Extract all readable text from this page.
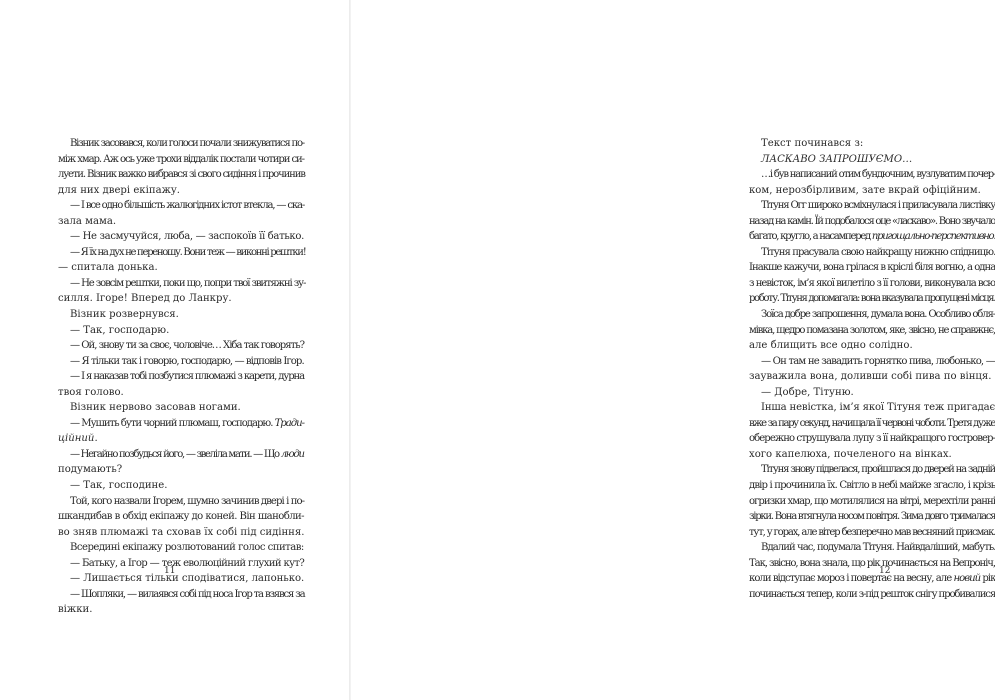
Візник засовався, коли голоси почали знижуватися по-
між хмар. Аж ось уже трохи віддалік постали чотири си-
луети. Візник важко вибрався зі свого сидіння і прочинив
для них двері екіпажу.
— І все одно більшість жалюгідних істот втекла, — ска-
зала мама.
— Не засмучуйся, люба, — заспокоїв її батько.
— Я їх на дух не переношу. Вони теж — виконні рештки!
— спитала донька.
— Не зовсім рештки, поки що, попри твої звитяжні зу-
силля. Ігоре! Вперед до Ланкру.
Візник розвернувся.
— Так, господарю.
— Ой, знову ти за своє, чоловіче… Хіба так говорять?
— Я тільки так і говорю, господарю, — відповів Ігор.
— І я наказав тобі позбутися плюмажі з карети, дурна
твоя голово.
Візник нервово засовав ногами.
— Мушить бути чорний плюмаш, господарю. Тради-
ційний.
— Негайно позбудься його, — звеліла мати. — Що люди
подумають?
— Так, господине.
Той, кого назвали Ігорем, шумно зачинив двері і по-
шкандибав в обхід екіпажу до коней. Він шанобли-
во зняв плюмажі та сховав їх собі під сидіння.
Всередині екіпажу розлютований голос спитав:
— Батьку, а Ігор — теж еволюційний глухий кут?
— Лишається тільки сподіватися, лапонько.
— Шопляки, — вилаявся собі під носа Ігор та взявся за
віжки.
11
Текст починався з:
ЛАСКАВО ЗАПРОШУЄМО…
…і був написаний отим бундючним, вузлуватим почер-
ком, нерозбірливим, зате вкрай офіційним.
Тітуня Огг широко всміхнулася і приласувала листівку
назад на камін. Їй подобалося оце «ласкаво». Воно звучало
багато, кругло, а насамперед пригощально-перспективно
Тітуня прасувала свою найкращу нижню спідницю.
Інакше кажучи, вона грілася в кріслі біля вогню, а одна
з невісток, ім’я якої вилетіло з її голови, виконувала всю
роботу. Тітуня допомагала: вона вказувала пропущені місця.
Зоїса добре запрошення, думала вона. Особливо обля-
мівка, щедро помазана золотом, яке, звісно, не справжнє,
але блищить все одно солідно.
— Он там не завадить горнятко пива, любонько, —
зауважила вона, доливши собі пива по вінця.
— Добре, Тітуню.
Інша невістка, ім’я якої Тітуня теж пригадає
вже за пару секунд, начищала її червоні чоботи. Третя дуже
обережно струшувала лупу з її найкращого гостровер-
хого капелюха, почеленого на вінках.
Тітуня знову підвелася, пройшлася до дверей на задній
двір і прочинила їх. Світло в небі майже згасло, і крізь
огризки хмар, що мотилялися на вітрі, мерехтіли ранні
зірки. Вона втягнула носом повітря. Зима довго трималася
тут, у горах, але вітер безперечно мав весняний присмак.
Вдалий час, подумала Тітуня. Найвдаліший, мабуть.
Так, звісно, вона знала, що рік починається на Вепроніч,
коли відступає мороз і повертає на весну, але новий рік
починається тепер, коли з-під решток снігу пробивалися
12
